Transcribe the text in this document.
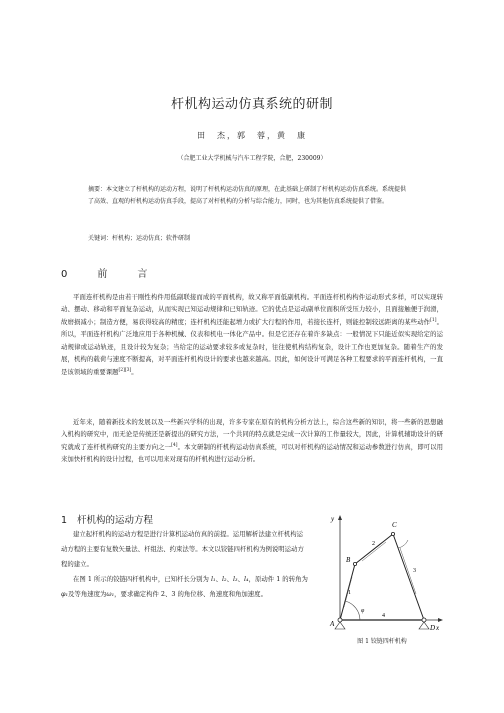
杆机构运动仿真系统的研制
田　杰，郭　蓉，黄　康
（合肥工业大学机械与汽车工程学院，合肥，230009）
摘要：本文建立了杆机构的运动方程，说明了杆机构运动仿真的原理，在此基础上研制了杆机构运动仿真系统。系统提供了高效、直观的杆机构运动仿真手段，提高了对杆机构的分析与综合能力，同时，也为其他仿真系统提供了借鉴。
关键词：杆机构；运动仿真；软件研制
0　前　言
平面连杆机构是由若干刚性构件用低副联接而成的平面机构，故又称平面低副机构。平面连杆机构构件运动形式多样，可以实现转动、摆动、移动和平面复杂运动，从而实现已知运动规律和已知轨迹。它的优点是运动副单位面积所受压力较小，且面接触便于润滑，故磨损减小；制造方便，易获得较高的精度；连杆机构还能起增力或扩大行程的作用，若接长连杆，则能控制较远距离的某些动作[1]。所以，平面连杆机构广泛地应用于各种机械、仪表和机电一体化产品中。但是它还存在着许多缺点：一般情况下只能近似实现给定的运动规律或运动轨迹，且设计较为复杂；当给定的运动要求较多或复杂时，往往使机构结构复杂，设计工作也更加复杂。随着生产的发展，机构的载荷与速度不断提高，对平面连杆机构设计的要求也越来越高。因此，如何设计可满足各种工程要求的平面连杆机构，一直是该领域的重要课题[2][3]。
近年来，随着新技术的发展以及一些新兴学科的出现，许多专家在原有的机构分析方法上，综合这些新的知识，将一些新的思想融入机构的研究中，而无论是传统还是新提出的研究方法，一个共同的特点就是完成一次计算的工作量较大，因此，计算机辅助设计的研究就成了连杆机构研究的主要方向之一[4]。本文研制的杆机构运动仿真系统，可以对杆机构的运动情况和运动参数进行仿真，即可以用来加快杆机构的设计过程，也可以用来对现有的杆机构进行运动分析。
1 杆机构的运动方程
建立起杆机构的运动方程是进行计算机运动仿真的前提。运用解析法建立杆机构运动方程的主要有复数矢量法、杆组法、约束法等。本文以铰链四杆机构为例说明运动方程的建立。
在图 1 所示的铰链四杆机构中，已知杆长分别为 l₁、l₂、l₃、l₄，原动件 1 的转角为φ₁及等角速度为ω₁，要求确定构件 2、3 的角位移、角速度和角加速度。
y
x
φ
A
B
C
D
1
2
3
4
图 1 铰链四杆机构
